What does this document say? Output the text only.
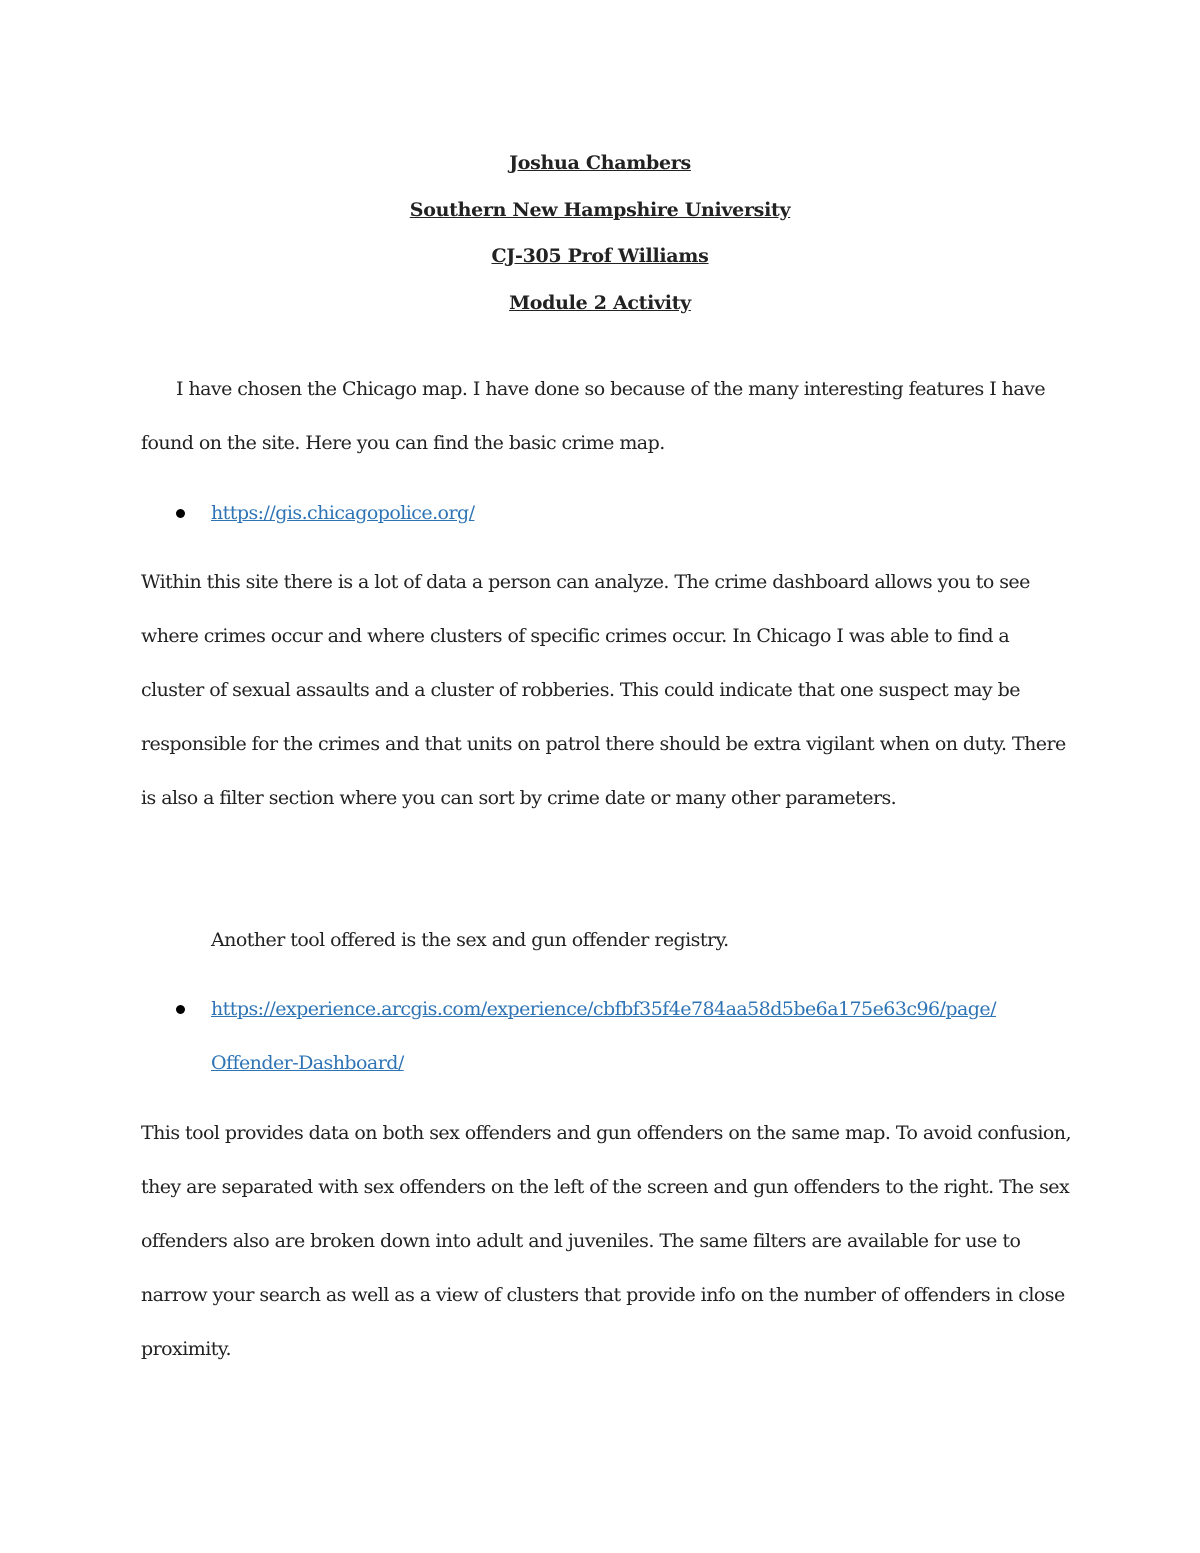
Joshua Chambers
Southern New Hampshire University
CJ-305 Prof Williams
Module 2 Activity

I have chosen the Chicago map. I have done so because of the many interesting features I have found on the site. Here you can find the basic crime map.

https://gis.chicagopolice.org/

Within this site there is a lot of data a person can analyze. The crime dashboard allows you to see where crimes occur and where clusters of specific crimes occur. In Chicago I was able to find a cluster of sexual assaults and a cluster of robberies. This could indicate that one suspect may be responsible for the crimes and that units on patrol there should be extra vigilant when on duty. There is also a filter section where you can sort by crime date or many other parameters.

Another tool offered is the sex and gun offender registry.
https://experience.arcgis.com/experience/cbfbf35f4e784aa58d5be6a175e63c96/page/
Offender-Dashboard/

This tool provides data on both sex offenders and gun offenders on the same map. To avoid confusion, they are separated with sex offenders on the left of the screen and gun offenders to the right. The sex offenders also are broken down into adult and juveniles. The same filters are available for use to narrow your search as well as a view of clusters that provide info on the number of offenders in close proximity.
